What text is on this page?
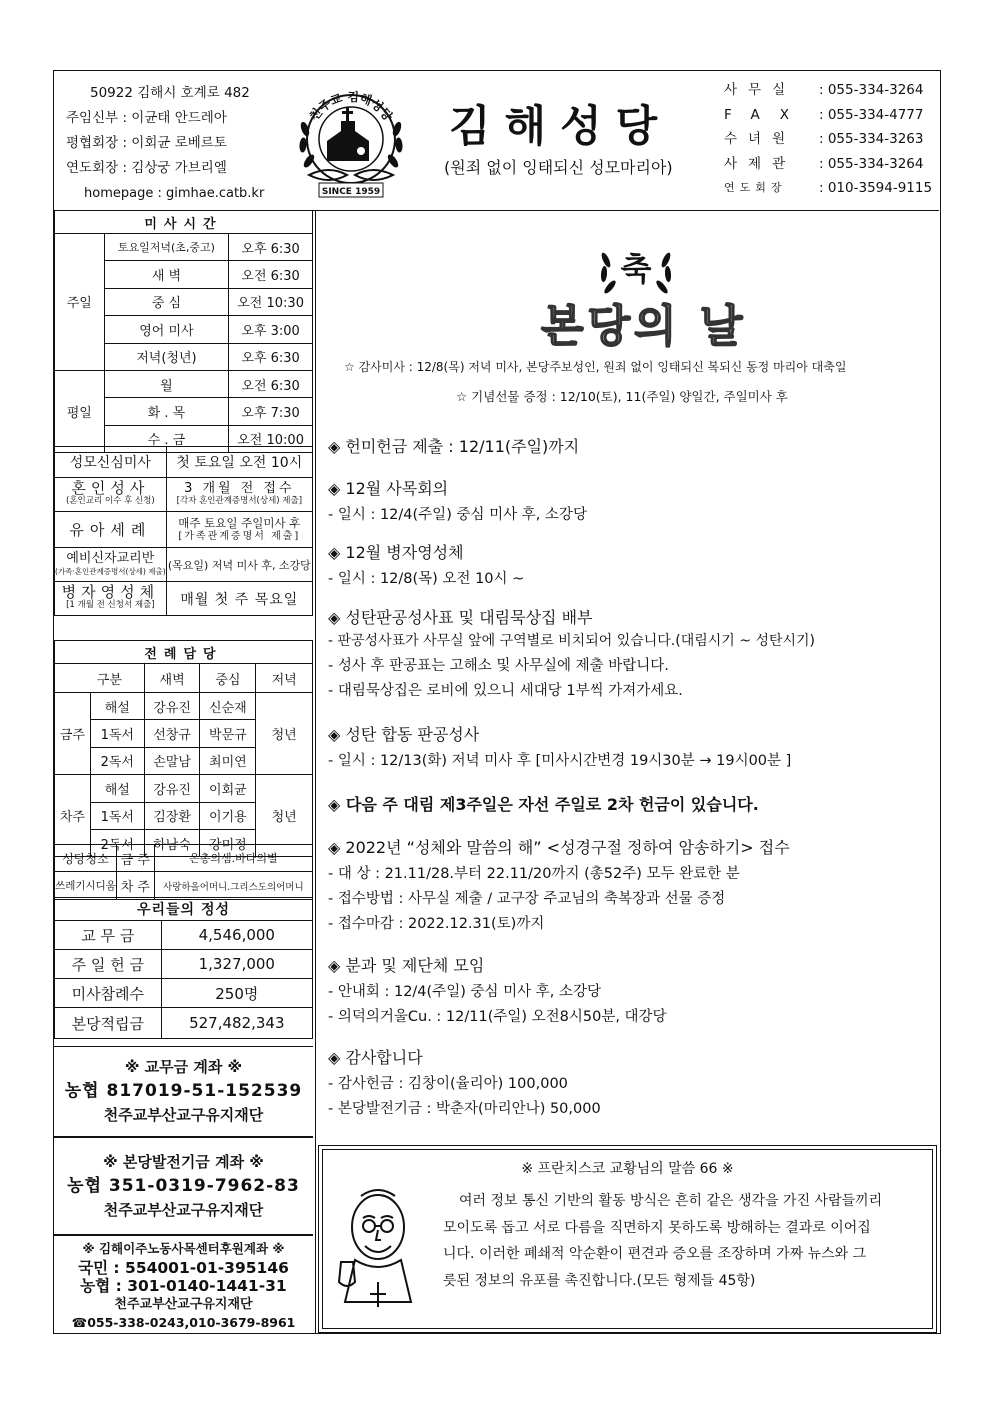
50922 김해시 호계로 482
주임신부 : 이균태 안드레아
평협회장 : 이회균 로베르토
연도회장 : 김상궁 가브리엘
homepage : gimhae.catb.kr
천주교 김해성당
SINCE 1959
김해성당
(원죄 없이 잉태되신 성모마리아)
사무실	: 055-334-3264
FAX : 055-334-4777
수녀원	: 055-334-3263
사제관	: 055-334-3264
연도회장	: 010-3594-9115
미사시간		
주일	토요일저녁(초,중고)	오후 6:30
	새 벽	오전 6:30
	중 심	오전 10:30
	영어 미사	오후 3:00
	저녁(청년)	오후 6:30
평일	월	오전 6:30
	화 . 목	오후 7:30
	수 . 금	오전 10:00
성모신심미사	첫 토요일 오전 10시

혼인성사
(혼인교리 이수 후 신청)	3 개월 전 접수
[각자 혼인관계증명서(상세) 제출]

유아세례	매주 토요일 주일미사 후
[가족관계증명서 제출]

예비신자교리반
(가족·혼인관계증명서(상세) 제출)	(목요일) 저녁 미사 후, 소강당

병자영성체
[1 개월 전 신청서 제출]	매월 첫 주 목요일
전례담당				
구분		새벽	중심	저녁
금주	해설	강유진	신순재	청년
	1독서	선창규	박문규	
	2독서	손말남	최미연	
차주	해설	강유진	이회균	청년
	1독서	김장환	이기용	
	2독서	하남숙	강미정	
성당청소	금 주	은총의샘.바다의별
쓰레기시디움	차 주	사랑하올어머니.그리스도의어머니
우리들의 정성	
교 무 금	4,546,000
주 일 헌 금	1,327,000
미사참례수	250명
본당적립금	527,482,343
※ 교무금 계좌 ※
농협 817019-51-152539
천주교부산교구유지재단
※ 본당발전기금 계좌 ※
농협 351-0319-7962-83
천주교부산교구유지재단
※ 김해이주노동사목센터후원계좌 ※
국민 : 554001-01-395146
농협 : 301-0140-1441-31
천주교부산교구유지재단
☎055-338-0243,010-3679-8961
축
본당의 날
☆ 감사미사 : 12/8(목) 저녁 미사, 본당주보성인, 원죄 없이 잉태되신 복되신 동정 마리아 대축일
☆ 기념선물 증정 : 12/10(토), 11(주일) 양일간, 주일미사 후
◈ 헌미헌금 제출 : 12/11(주일)까지
◈ 12월 사목회의
- 일시 : 12/4(주일) 중심 미사 후, 소강당
◈ 12월 병자영성체
- 일시 : 12/8(목) 오전 10시 ~
◈ 성탄판공성사표 및 대림묵상집 배부
- 판공성사표가 사무실 앞에 구역별로 비치되어 있습니다.(대림시기 ~ 성탄시기)
- 성사 후 판공표는 고해소 및 사무실에 제출 바랍니다.
- 대림묵상집은 로비에 있으니 세대당 1부씩 가져가세요.
◈ 성탄 합동 판공성사
- 일시 : 12/13(화) 저녁 미사 후 [미사시간변경 19시30분 → 19시00분 ]
◈ 다음 주 대림 제3주일은 자선 주일로 2차 헌금이 있습니다.
◈ 2022년 “성체와 말씀의 해” <성경구절 정하여 암송하기> 접수
- 대 상 : 21.11/28.부터 22.11/20까지 (총52주) 모두 완료한 분
- 접수방법 : 사무실 제출 / 교구장 주교님의 축복장과 선물 증정
- 접수마감 : 2022.12.31(토)까지
◈ 분과 및 제단체 모임
- 안내회 : 12/4(주일) 중심 미사 후, 소강당
- 의덕의거울Cu. : 12/11(주일) 오전8시50분, 대강당
◈ 감사합니다
- 감사헌금 : 김창이(율리아) 100,000
- 본당발전기금 : 박춘자(마리안나) 50,000
※ 프란치스코 교황님의 말씀 66 ※
여러 정보 통신 기반의 활동 방식은 흔히 같은 생각을 가진 사람들끼리
모이도록 돕고 서로 다름을 직면하지 못하도록 방해하는 결과로 이어집
니다. 이러한 폐쇄적 악순환이 편견과 증오를 조장하며 가짜 뉴스와 그
릇된 정보의 유포를 촉진합니다.(모든 형제들 45항)
